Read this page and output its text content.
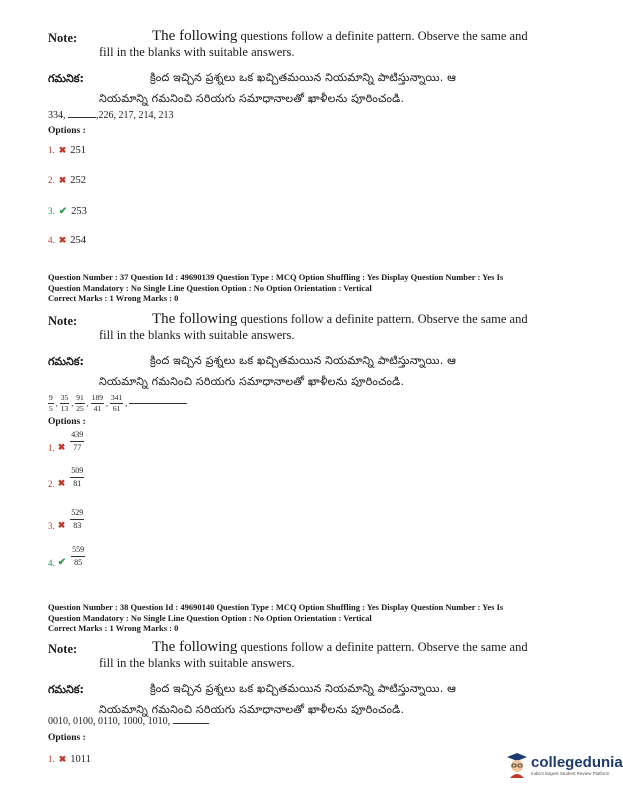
Note:	The following questions follow a definite pattern. Observe the same and
fill in the blanks with suitable answers.
గమనిక:	క్రింద ఇచ్చిన ప్రశ్నలు ఒక ఖచ్చితమయిన నియమాన్ని పాటిస్తున్నాయి. ఆ
నియమాన్ని గమనించి సరియగు సమాధానాలతో ఖాళీలను పూరించండి.
334,	,226, 217, 214, 213
Options :
1. ✖ 251
2. ✖ 252
3. ✔ 253
4. ✖ 254
Question Number : 37 Question Id : 49690139 Question Type : MCQ Option Shuffling : Yes Display Question Number : Yes Is
Question Mandatory : No Single Line Question Option : No Option Orientation : Vertical
Correct Marks : 1 Wrong Marks : 0
Note:	The following questions follow a definite pattern. Observe the same and
fill in the blanks with suitable answers.
గమనిక:	క్రింద ఇచ్చిన ప్రశ్నలు ఒక ఖచ్చితమయిన నియమాన్ని పాటిస్తున్నాయి. ఆ
నియమాన్ని గమనించి సరియగు సమాధానాలతో ఖాళీలను పూరించండి.
$\frac{9}{5}$ , $\frac{35}{13}$ , $\frac{91}{25}$ , $\frac{189}{41}$ , $\frac{341}{61}$ ,
Options :
1. ✖ $\frac{439}{77}$
2. ✖ $\frac{509}{81}$
3. ✖ $\frac{529}{83}$
4. ✔ $\frac{559}{85}$
Question Number : 38 Question Id : 49690140 Question Type : MCQ Option Shuffling : Yes Display Question Number : Yes Is
Question Mandatory : No Single Line Question Option : No Option Orientation : Vertical
Correct Marks : 1 Wrong Marks : 0
Note:	The following questions follow a definite pattern. Observe the same and
fill in the blanks with suitable answers.
గమనిక:	క్రింద ఇచ్చిన ప్రశ్నలు ఒక ఖచ్చితమయిన నియమాన్ని పాటిస్తున్నాయి. ఆ
నియమాన్ని గమనించి సరియగు సమాధానాలతో ఖాళీలను పూరించండి.
0010, 0100, 0110, 1000, 1010,
Options :
1. ✖ 1011	collegedunia
India's largest Student Review Platform
